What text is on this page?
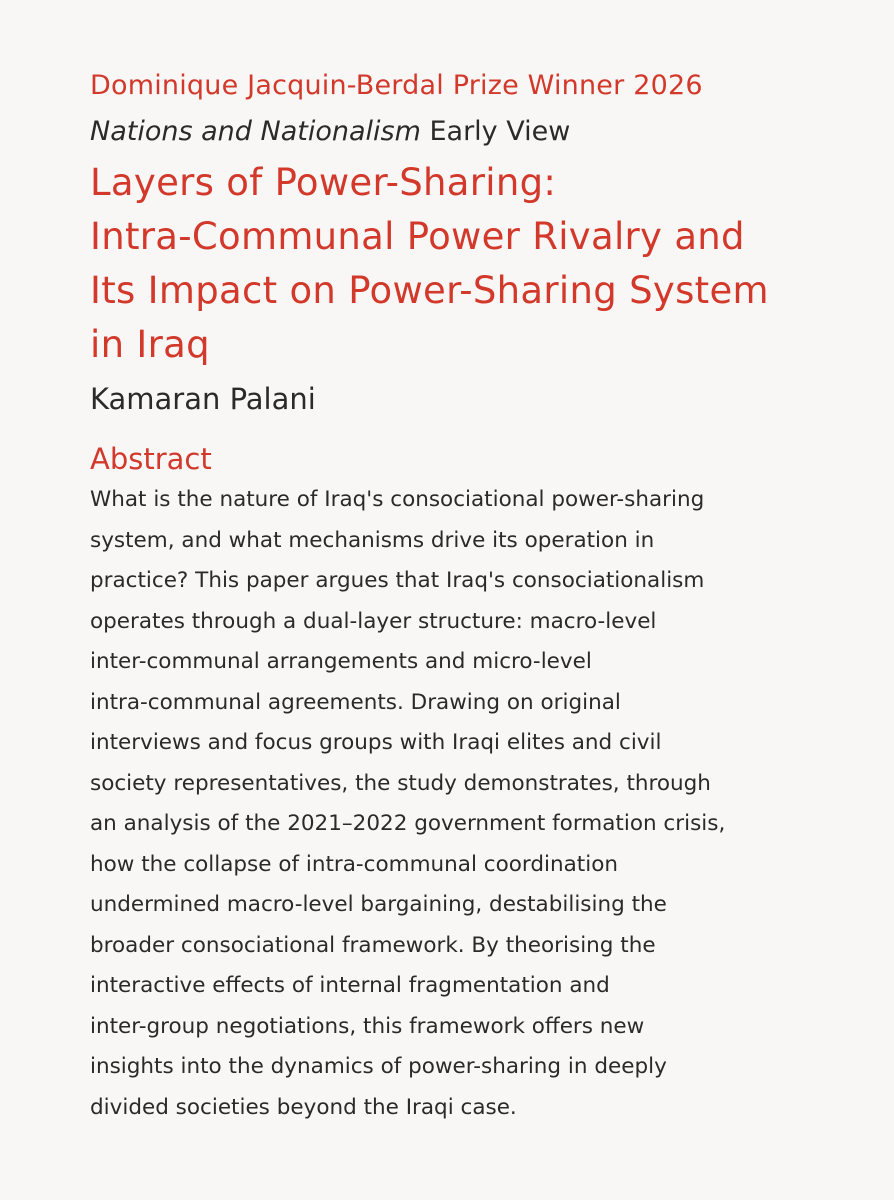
Dominique Jacquin-Berdal Prize Winner 2026
Nations and Nationalism Early View
Layers of Power-Sharing:
Intra-Communal Power Rivalry and
Its Impact on Power-Sharing System
in Iraq
Kamaran Palani
Abstract
What is the nature of Iraq's consociational power-sharing
system, and what mechanisms drive its operation in
practice? This paper argues that Iraq's consociationalism
operates through a dual-layer structure: macro-level
inter-communal arrangements and micro-level
intra-communal agreements. Drawing on original
interviews and focus groups with Iraqi elites and civil
society representatives, the study demonstrates, through
an analysis of the 2021–2022 government formation crisis,
how the collapse of intra-communal coordination
undermined macro-level bargaining, destabilising the
broader consociational framework. By theorising the
interactive effects of internal fragmentation and
inter-group negotiations, this framework offers new
insights into the dynamics of power-sharing in deeply
divided societies beyond the Iraqi case.
